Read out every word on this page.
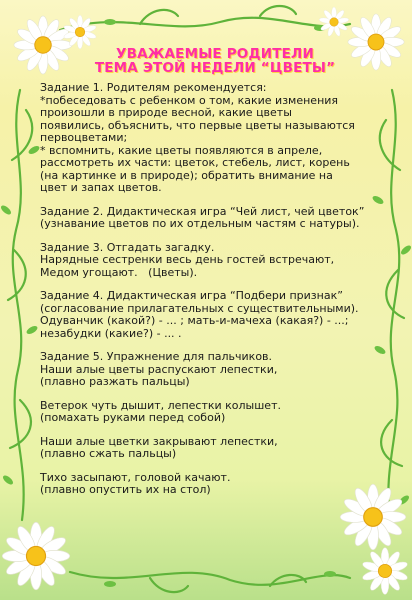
УВАЖАЕМЫЕ РОДИТЕЛИ
ТЕМА ЭТОЙ НЕДЕЛИ “ЦВЕТЫ”

Задание 1. Родителям рекомендуется:

*побеседовать с ребенком о том, какие изменения

произошли в природе весной, какие цветы

появились, объяснить, что первые цветы называются

первоцветами;

* вспомнить, какие цветы появляются в апреле,

рассмотреть их части: цветок, стебель, лист, корень

(на картинке и в природе); обратить внимание на

цвет и запах цветов.

Задание 2. Дидактическая игра “Чей лист, чей цветок”

(узнавание цветов по их отдельным частям с натуры).

Задание 3. Отгадать загадку.

Нарядные сестренки весь день гостей встречают,

Медом угощают.   (Цветы).

Задание 4. Дидактическая игра “Подбери признак”

(согласование прилагательных с существительными).

Одуванчик (какой?) - ... ; мать-и-мачеха (какая?) - ...;

незабудки (какие?) - ... .

Задание 5. Упражнение для пальчиков.

Наши алые цветы распускают лепестки,

(плавно разжать пальцы)

Ветерок чуть дышит, лепестки колышет.

(помахать руками перед собой)

Наши алые цветки закрывают лепестки,

(плавно сжать пальцы)

Тихо засыпают, головой качают.

(плавно опустить их на стол)
